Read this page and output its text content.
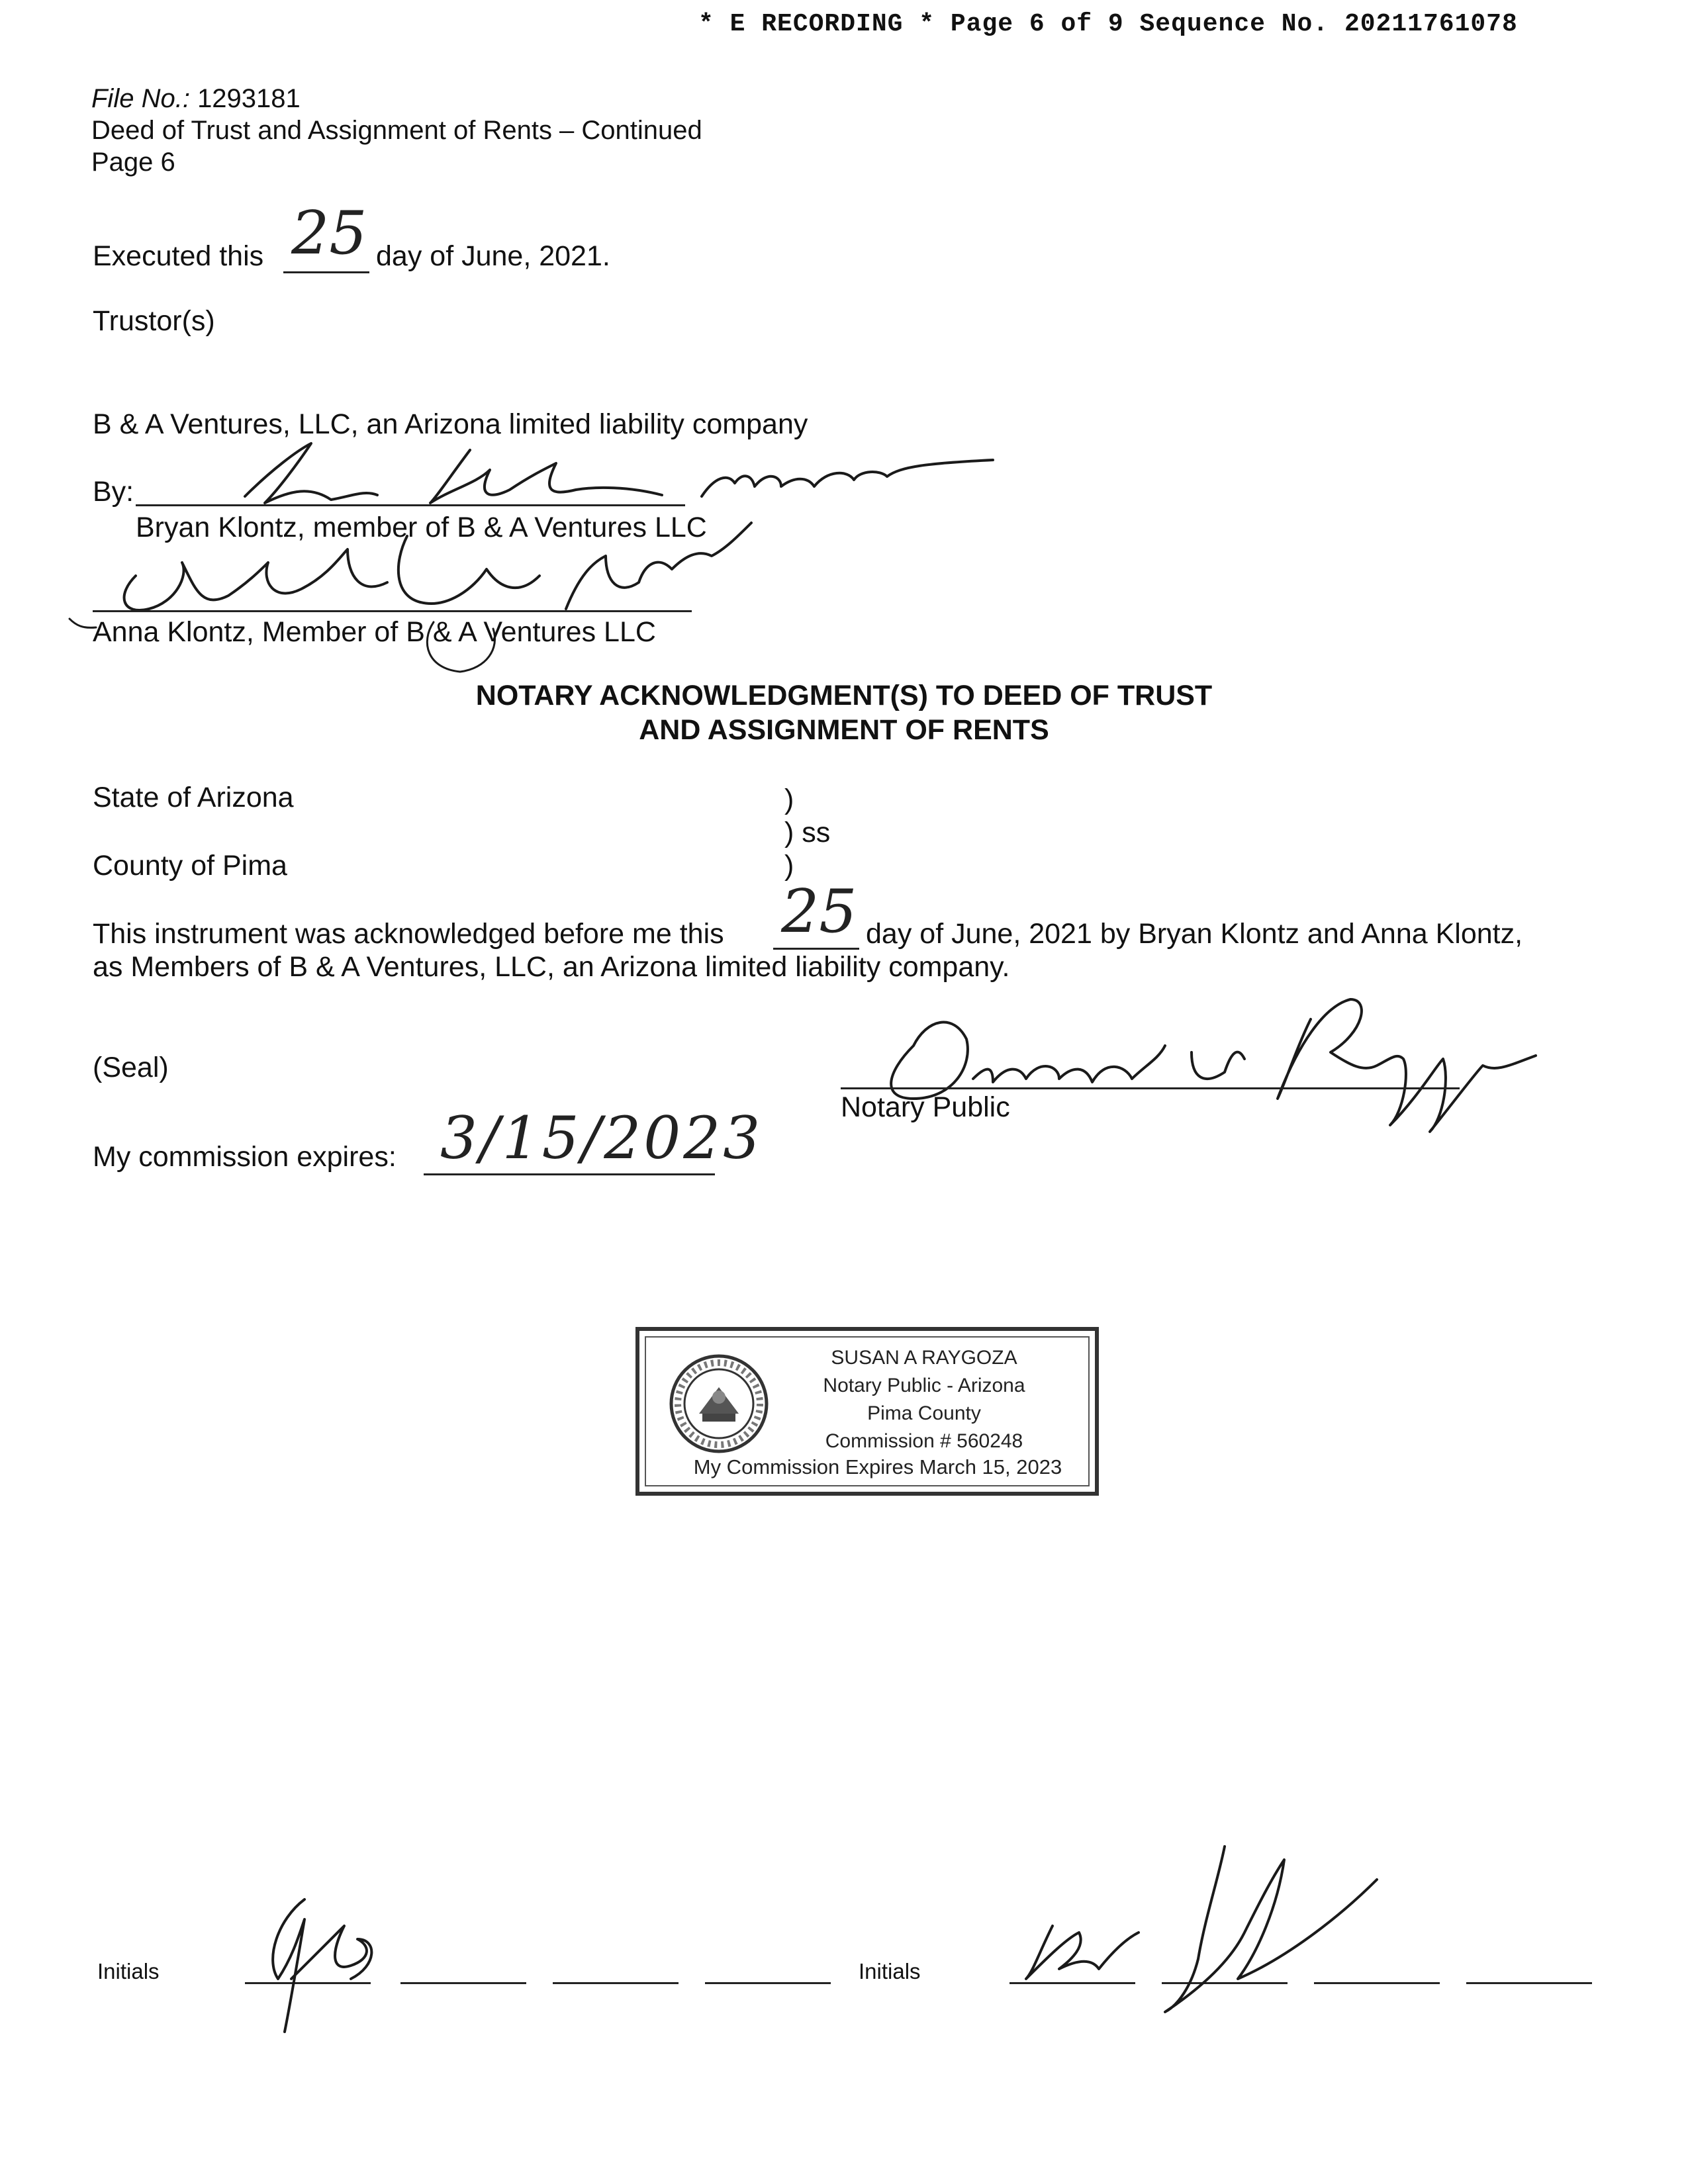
* E RECORDING * Page 6 of 9 Sequence No. 20211761078
File No.: 1293181
Deed of Trust and Assignment of Rents – Continued
Page 6
Executed this 25 day of June, 2021.
Trustor(s)
B & A Ventures, LLC, an Arizona limited liability company
By:
Bryan Klontz, member of B & A Ventures LLC
Anna Klontz, Member of B & A Ventures LLC
NOTARY ACKNOWLEDGMENT(S) TO DEED OF TRUST
AND ASSIGNMENT OF RENTS
State of Arizona
County of Pima
)
) ss
)
This instrument was acknowledged before me this 25 day of June, 2021 by Bryan Klontz and Anna Klontz,
as Members of B & A Ventures, LLC, an Arizona limited liability company.
(Seal)
Notary Public
My commission expires: 3/15/2023
SUSAN A RAYGOZA
Notary Public - Arizona
Pima County
Commission # 560248
My Commission Expires March 15, 2023
Initials	Initials
